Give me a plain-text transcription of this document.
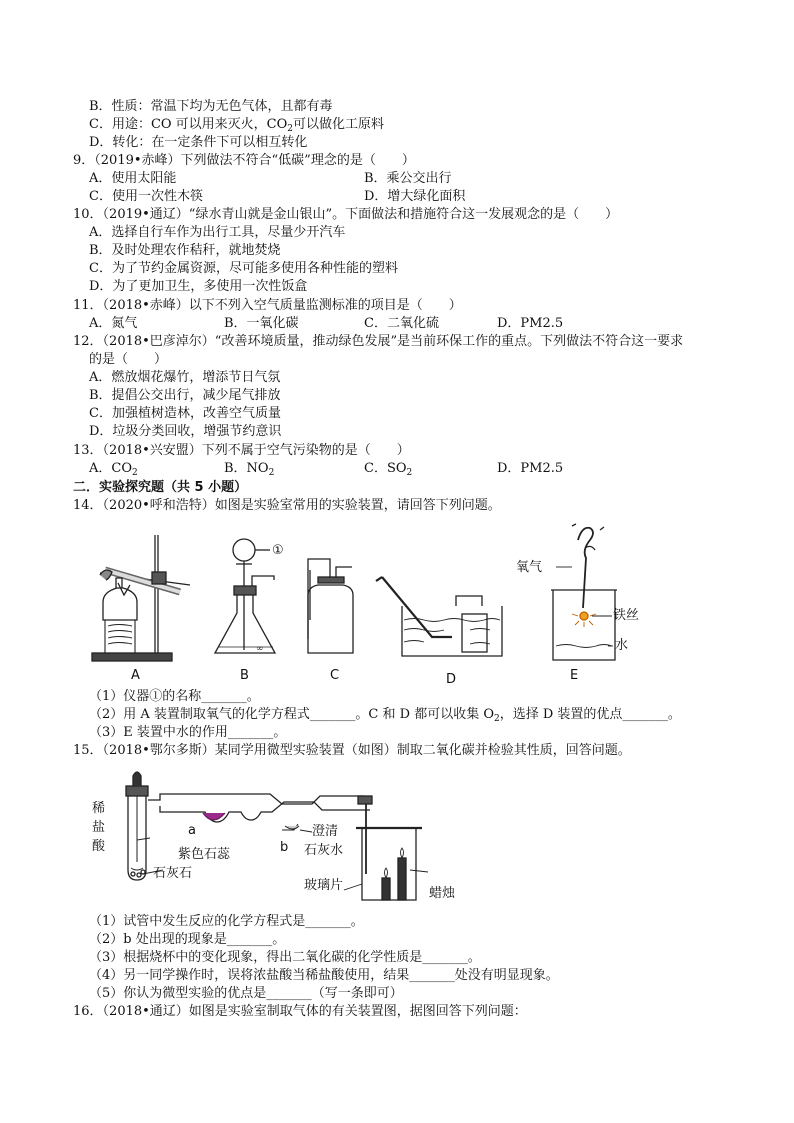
B．性质：常温下均为无色气体，且都有毒
C．用途：CO 可以用来灭火，$CO_2$可以做化工原料
D．转化：在一定条件下可以相互转化
9．（2019•赤峰）下列做法不符合“低碳”理念的是（　　）
A．使用太阳能	B．乘公交出行
C．使用一次性木筷	D．增大绿化面积
10．（2019•通辽）“绿水青山就是金山银山”。下面做法和措施符合这一发展观念的是（　　）
A．选择自行车作为出行工具，尽量少开汽车
B．及时处理农作秸秆，就地焚烧
C．为了节约金属资源，尽可能多使用各种性能的塑料
D．为了更加卫生，多使用一次性饭盒
11．（2018•赤峰）以下不列入空气质量监测标准的项目是（　　）
A．氮气	B．一氧化碳	C．二氧化硫	D．PM2.5
12．（2018•巴彦淖尔）“改善环境质量，推动绿色发展”是当前环保工作的重点。下列做法不符合这一要求
的是（　　）
A．燃放烟花爆竹，增添节日气氛
B．提倡公交出行，减少尾气排放
C．加强植树造林，改善空气质量
D．垃圾分类回收，增强节约意识
13．（2018•兴安盟）下列不属于空气污染物的是（　　）
A．$CO_2$	B．$NO_2$	C．$SO_2$	D．PM2.5
二．实验探究题（共 5 小题）
14．（2020•呼和浩特）如图是实验室常用的实验装置，请回答下列问题。
∞
A	B	C	D	E
①
氧气
铁丝
水
（1）仪器①的名称_______。
（2）用 A 装置制取氧气的化学方程式_______。C 和 D 都可以收集 $O_2$，选择 D 装置的优点_______。
（3）E 装置中水的作用_______。
15．（2018•鄂尔多斯）某同学用微型实验装置（如图）制取二氧化碳并检验其性质，回答问题。
稀
盐
酸
a
紫色石蕊
石灰石
b
澄清
石灰水
玻璃片
蜡烛
（1）试管中发生反应的化学方程式是_______。
（2）b 处出现的现象是_______。
（3）根据烧杯中的变化现象，得出二氧化碳的化学性质是_______。
（4）另一同学操作时，误将浓盐酸当稀盐酸使用，结果_______处没有明显现象。
（5）你认为微型实验的优点是_______（写一条即可）
16．（2018•通辽）如图是实验室制取气体的有关装置图，据图回答下列问题：
